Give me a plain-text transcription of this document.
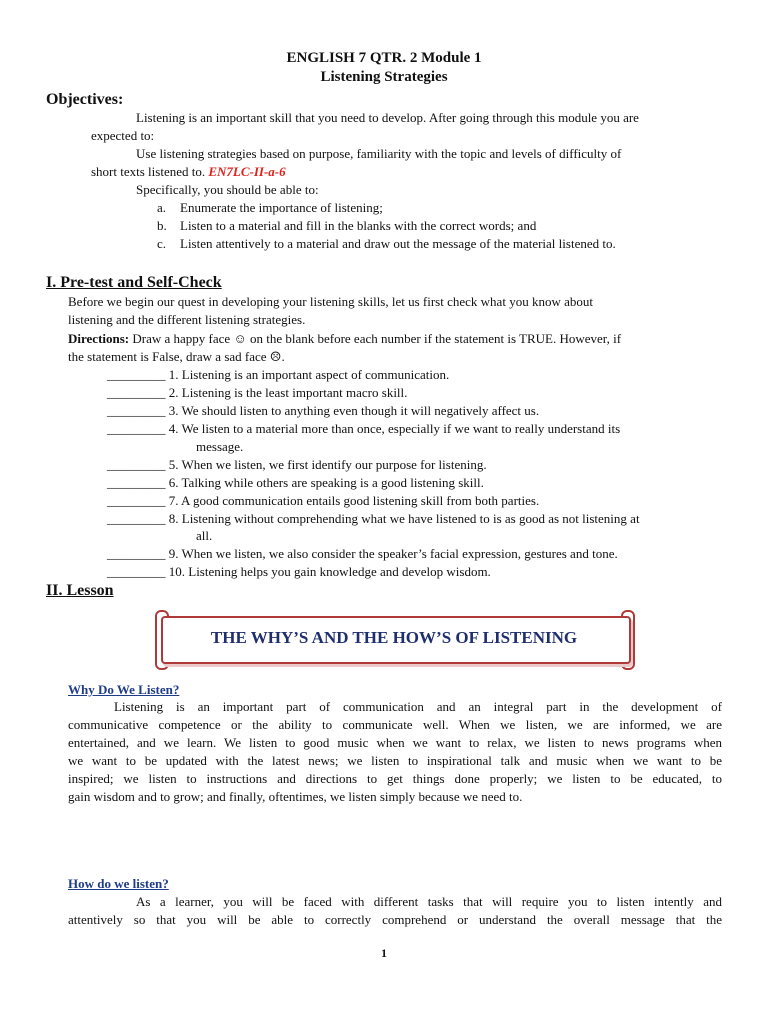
ENGLISH 7 QTR. 2 Module 1
Listening Strategies
Objectives:
Listening is an important skill that you need to develop. After going through this module you are
expected to:
Use listening strategies based on purpose, familiarity with the topic and levels of difficulty of
short texts listened to. EN7LC-II-a-6
Specifically, you should be able to:
a. Enumerate the importance of listening;
b. Listen to a material and fill in the blanks with the correct words; and
c. Listen attentively to a material and draw out the message of the material listened to.
I. Pre-test and Self-Check
Before we begin our quest in developing your listening skills, let us first check what you know about
listening and the different listening strategies.
Directions: Draw a happy face ☺ on the blank before each number if the statement is TRUE. However, if
the statement is False, draw a sad face ☹.
_________ 1. Listening is an important aspect of communication.
_________ 2. Listening is the least important macro skill.
_________ 3. We should listen to anything even though it will negatively affect us.
_________ 4. We listen to a material more than once, especially if we want to really understand its
message.
_________ 5. When we listen, we first identify our purpose for listening.
_________ 6. Talking while others are speaking is a good listening skill.
_________ 7. A good communication entails good listening skill from both parties.
_________ 8. Listening without comprehending what we have listened to is as good as not listening at
all.
_________ 9. When we listen, we also consider the speaker’s facial expression, gestures and tone.
_________ 10. Listening helps you gain knowledge and develop wisdom.
II. Lesson
THE WHY’S AND THE HOW’S OF LISTENING
Why Do We Listen?
Listening is an important part of communication and an integral part in the development of
communicative competence or the ability to communicate well. When we listen, we are informed, we are
entertained, and we learn. We listen to good music when we want to relax, we listen to news programs when
we want to be updated with the latest news; we listen to inspirational talk and music when we want to be
inspired; we listen to instructions and directions to get things done properly; we listen to be educated, to
gain wisdom and to grow; and finally, oftentimes, we listen simply because we need to.
How do we listen?
As a learner, you will be faced with different tasks that will require you to listen intently and
attentively so that you will be able to correctly comprehend or understand the overall message that the
1
